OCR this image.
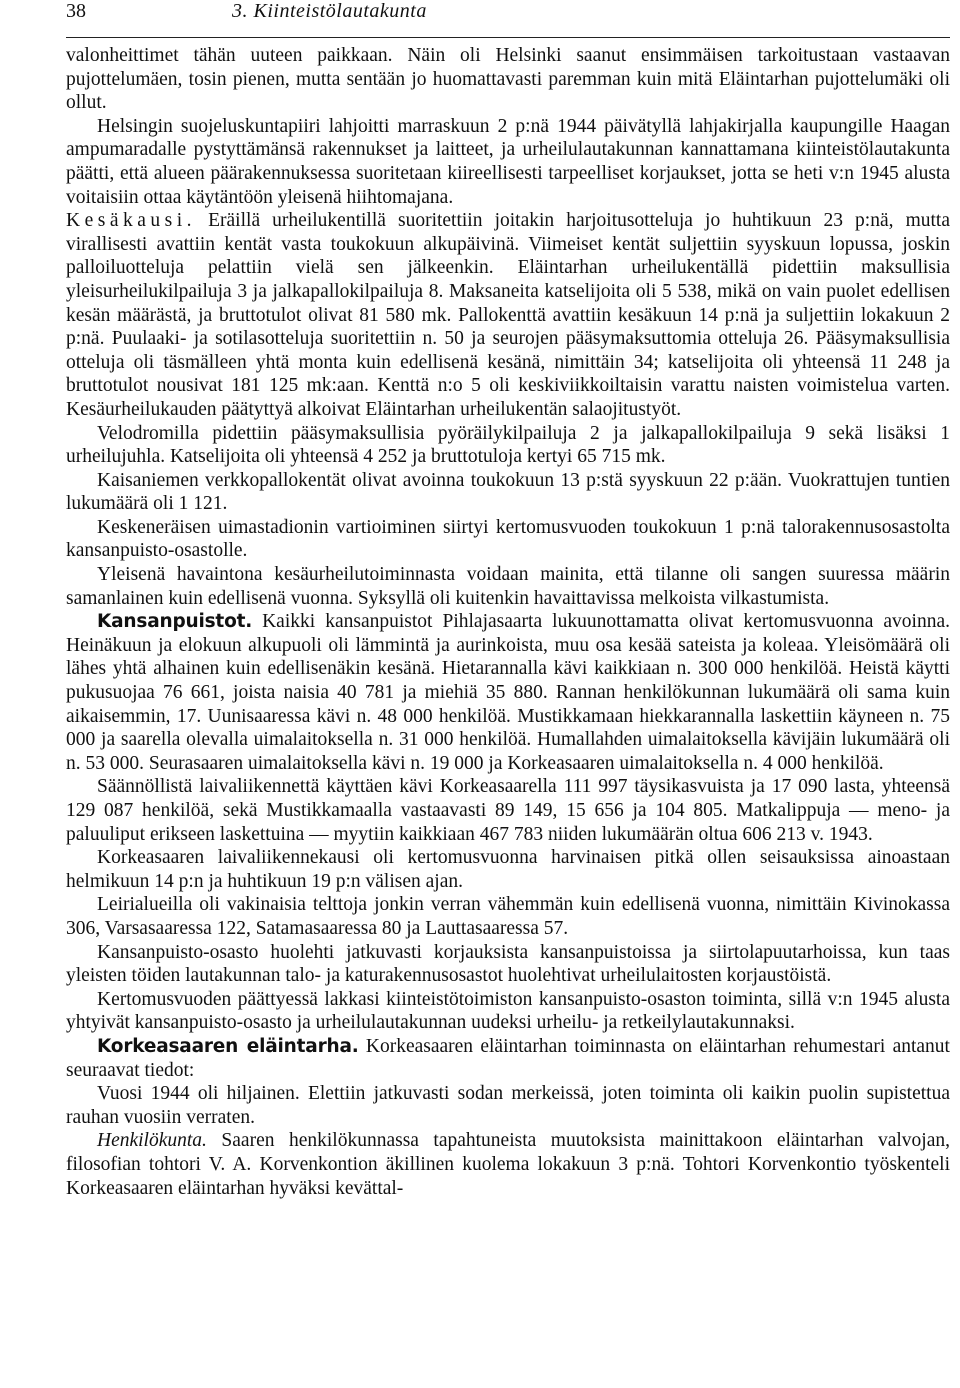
38	3. Kiinteistölautakunta

valonheittimet tähän uuteen paikkaan. Näin oli Helsinki saanut ensimmäisen tarkoitustaan vastaavan pujottelumäen, tosin pienen, mutta sentään jo huomattavasti paremman kuin mitä Eläintarhan pujottelumäki oli ollut.

Helsingin suojeluskuntapiiri lahjoitti marraskuun 2 p:nä 1944 päivätyllä lahjakirjalla kaupungille Haagan ampumaradalle pystyttämänsä rakennukset ja laitteet, ja urheilulautakunnan kannattamana kiinteistölautakunta päätti, että alueen päärakennuksessa suoritetaan kiireellisesti tarpeelliset korjaukset, jotta se heti v:n 1945 alusta voitaisiin ottaa käytäntöön yleisenä hiihtomajana.

Kesäkausi. Eräillä urheilukentillä suoritettiin joitakin harjoitusotteluja jo huhtikuun 23 p:nä, mutta virallisesti avattiin kentät vasta toukokuun alkupäivinä. Viimeiset kentät suljettiin syyskuun lopussa, joskin palloiluotteluja pelattiin vielä sen jälkeenkin. Eläintarhan urheilukentällä pidettiin maksullisia yleisurheilukilpailuja 3 ja jalkapallokilpailuja 8. Maksaneita katselijoita oli 5 538, mikä on vain puolet edellisen kesän määrästä, ja bruttotulot olivat 81 580 mk. Pallokenttä avattiin kesäkuun 14 p:nä ja suljettiin lokakuun 2 p:nä. Puulaaki- ja sotilasotteluja suoritettiin n. 50 ja seurojen pääsymaksuttomia otteluja 26. Pääsymaksullisia otteluja oli täsmälleen yhtä monta kuin edellisenä kesänä, nimittäin 34; katselijoita oli yhteensä 11 248 ja bruttotulot nousivat 181 125 mk:aan. Kenttä n:o 5 oli keskiviikkoiltaisin varattu naisten voimistelua varten. Kesäurheilukauden päätyttyä alkoivat Eläintarhan urheilukentän salaojitustyöt.

Velodromilla pidettiin pääsymaksullisia pyöräilykilpailuja 2 ja jalkapallokilpailuja 9 sekä lisäksi 1 urheilujuhla. Katselijoita oli yhteensä 4 252 ja bruttotuloja kertyi 65 715 mk.

Kaisaniemen verkkopallokentät olivat avoinna toukokuun 13 p:stä syyskuun 22 p:ään. Vuokrattujen tuntien lukumäärä oli 1 121.

Keskeneräisen uimastadionin vartioiminen siirtyi kertomusvuoden toukokuun 1 p:nä talorakennusosastolta kansanpuisto-osastolle.

Yleisenä havaintona kesäurheilutoiminnasta voidaan mainita, että tilanne oli sangen suuressa määrin samanlainen kuin edellisenä vuonna. Syksyllä oli kuitenkin havaittavissa melkoista vilkastumista.

Kansanpuistot. Kaikki kansanpuistot Pihlajasaarta lukuunottamatta olivat kertomusvuonna avoinna. Heinäkuun ja elokuun alkupuoli oli lämmintä ja aurinkoista, muu osa kesää sateista ja koleaa. Yleisömäärä oli lähes yhtä alhainen kuin edellisenäkin kesänä. Hietarannalla kävi kaikkiaan n. 300 000 henkilöä. Heistä käytti pukusuojaa 76 661, joista naisia 40 781 ja miehiä 35 880. Rannan henkilökunnan lukumäärä oli sama kuin aikaisemmin, 17. Uunisaaressa kävi n. 48 000 henkilöä. Mustikkamaan hiekkarannalla laskettiin käyneen n. 75 000 ja saarella olevalla uimalaitoksella n. 31 000 henkilöä. Humallahden uimalaitoksella kävijäin lukumäärä oli n. 53 000. Seurasaaren uimalaitoksella kävi n. 19 000 ja Korkeasaaren uimalaitoksella n. 4 000 henkilöä.

Säännöllistä laivaliikennettä käyttäen kävi Korkeasaarella 111 997 täysikasvuista ja 17 090 lasta, yhteensä 129 087 henkilöä, sekä Mustikkamaalla vastaavasti 89 149, 15 656 ja 104 805. Matkalippuja — meno- ja paluuliput erikseen laskettuina — myytiin kaikkiaan 467 783 niiden lukumäärän oltua 606 213 v. 1943.

Korkeasaaren laivaliikennekausi oli kertomusvuonna harvinaisen pitkä ollen seisauksissa ainoastaan helmikuun 14 p:n ja huhtikuun 19 p:n välisen ajan.

Leirialueilla oli vakinaisia telttoja jonkin verran vähemmän kuin edellisenä vuonna, nimittäin Kivinokassa 306, Varsasaaressa 122, Satamasaaressa 80 ja Lauttasaaressa 57.

Kansanpuisto-osasto huolehti jatkuvasti korjauksista kansanpuistoissa ja siirtolapuutarhoissa, kun taas yleisten töiden lautakunnan talo- ja katurakennusosastot huolehtivat urheilulaitosten korjaustöistä.

Kertomusvuoden päättyessä lakkasi kiinteistötoimiston kansanpuisto-osaston toiminta, sillä v:n 1945 alusta yhtyivät kansanpuisto-osasto ja urheilulautakunnan uudeksi urheilu- ja retkeilylautakunnaksi.

Korkeasaaren eläintarha. Korkeasaaren eläintarhan toiminnasta on eläintarhan rehumestari antanut seuraavat tiedot:

Vuosi 1944 oli hiljainen. Elettiin jatkuvasti sodan merkeissä, joten toiminta oli kaikin puolin supistettua rauhan vuosiin verraten.

Henkilökunta. Saaren henkilökunnassa tapahtuneista muutoksista mainittakoon eläintarhan valvojan, filosofian tohtori V. A. Korvenkontion äkillinen kuolema lokakuun 3 p:nä. Tohtori Korvenkontio työskenteli Korkeasaaren eläintarhan hyväksi kevättal-
